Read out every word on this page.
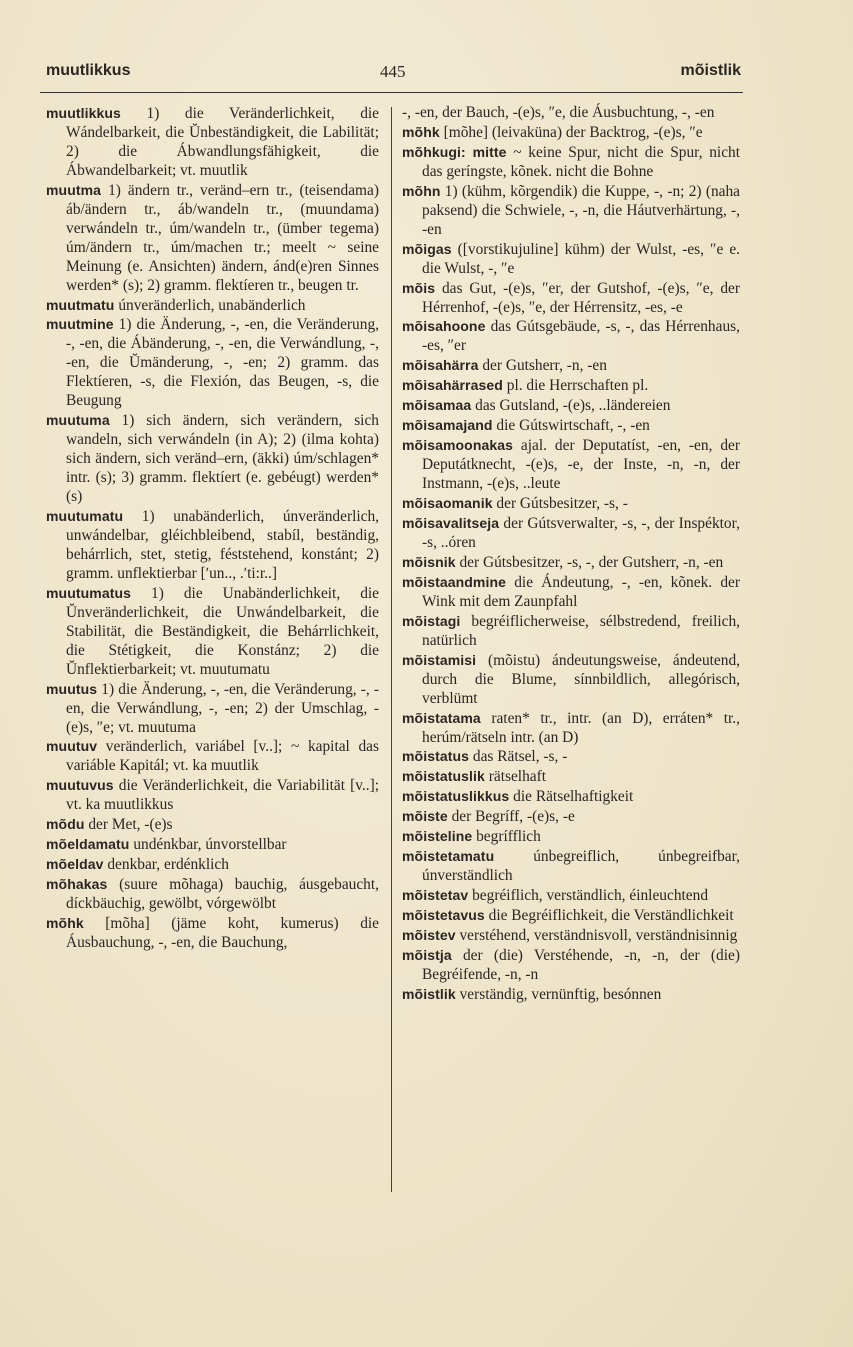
muutlikkus	445	mõistlik

muutlikkus 1) die Veränderlichkeit, die Wándelbarkeit, die Ŭnbeständigkeit, die Labilität; 2) die Ábwandlungsfähigkeit, die Ábwandelbarkeit; vt. muutlik

muutma 1) ändern tr., veränd–ern tr., (teisendama) áb/ändern tr., áb/wandeln tr., (muundama) verwándeln tr., úm/wandeln tr., (ümber tegema) úm/ändern tr., úm/machen tr.; meelt ~ seine Meinung (e. Ansichten) ändern, ánd(e)ren Sinnes werden* (s); 2) gramm. flektíeren tr., beugen tr.

muutmatu únveränderlich, unabänderlich

muutmine 1) die Änderung, -, -en, die Veränderung, -, -en, die Ábänderung, -, -en, die Verwándlung, -, -en, die Ŭmänderung, -, -en; 2) gramm. das Flektíeren, -s, die Flexión, das Beugen, -s, die Beugung

muutuma 1) sich ändern, sich verändern, sich wandeln, sich verwándeln (in A); 2) (ilma kohta) sich ändern, sich veränd–ern, (äkki) úm/schlagen* intr. (s); 3) gramm. flektíert (e. gebéugt) werden* (s)

muutumatu 1) unabänderlich, únveränderlich, unwándelbar, gléichbleibend, stabíl, beständig, behárrlich, stet, stetig, féststehend, konstánt; 2) gramm. unflektierbar [ʹun.., .ʹti:r..]

muutumatus 1) die Unabänderlichkeit, die Ŭnveränderlichkeit, die Unwándelbarkeit, die Stabilität, die Beständigkeit, die Behárrlichkeit, die Stétigkeit, die Konstánz; 2) die Ŭnflektierbarkeit; vt. muutumatu

muutus 1) die Änderung, -, -en, die Veränderung, -, -en, die Verwándlung, -, -en; 2) der Umschlag, -(e)s, ″e; vt. muutuma

muutuv veränderlich, variábel [v..]; ~ kapital das variáble Kapitál; vt. ka muutlik

muutuvus die Veränderlichkeit, die Variabilität [v..]; vt. ka muutlikkus

mõdu der Met, -(e)s

mõeldamatu undénkbar, únvorstellbar

mõeldav denkbar, erdénklich

mõhakas (suure mõhaga) bauchig, áusgebaucht, díckbäuchig, gewölbt, vórgewölbt

mõhk [mõha] (jäme koht, kumerus) die Áusbauchung, -, -en, die Bauchung,

-, -en, der Bauch, -(e)s, ″e, die Áusbuchtung, -, -en

mõhk [mõhe] (leivaküna) der Backtrog, -(e)s, ″e

mõhkugi: mitte ~ keine Spur, nicht die Spur, nicht das geríngste, kõnek. nicht die Bohne

mõhn 1) (kühm, kõrgendik) die Kuppe, -, -n; 2) (naha paksend) die Schwiele, -, -n, die Háutverhärtung, -, -en

mõigas ([vorstikujuline] kühm) der Wulst, -es, ″e e. die Wulst, -, ″e

mõis das Gut, -(e)s, ″er, der Gutshof, -(e)s, ″e, der Hérrenhof, -(e)s, ″e, der Hérrensitz, -es, -e

mõisahoone das Gútsgebäude, -s, -, das Hérrenhaus, -es, ″er

mõisahärra der Gutsherr, -n, -en

mõisahärrased pl. die Herrschaften pl.

mõisamaa das Gutsland, -(e)s, ..ländereien

mõisamajand die Gútswirtschaft, -, -en

mõisamoonakas ajal. der Deputatíst, -en, -en, der Deputátknecht, -(e)s, -e, der Inste, -n, -n, der Instmann, -(e)s, ..leute

mõisaomanik der Gútsbesitzer, -s, -

mõisavalitseja der Gútsverwalter, -s, -, der Inspéktor, -s, ..óren

mõisnik der Gútsbesitzer, -s, -, der Gutsherr, -n, -en

mõistaandmine die Ándeutung, -, -en, kõnek. der Wink mit dem Zaunpfahl

mõistagi begréiflicherweise, sélbstredend, freilich, natürlich

mõistamisi (mõistu) ándeutungsweise, ándeutend, durch die Blume, sínnbildlich, allegórisch, verblümt

mõistatama raten* tr., intr. (an D), erráten* tr., herúm/rätseln intr. (an D)

mõistatus das Rätsel, -s, -

mõistatuslik rätselhaft

mõistatuslikkus die Rätselhaftigkeit

mõiste der Begríff, -(e)s, -e

mõisteline begrífflich

mõistetamatu únbegreiflich, únbegreifbar, únverständlich

mõistetav begréiflich, verständlich, éinleuchtend

mõistetavus die Begréiflichkeit, die Verständlichkeit

mõistev verstéhend, verständnisvoll, verständnisinnig

mõistja der (die) Verstéhende, -n, -n, der (die) Begréifende, -n, -n

mõistlik verständig, vernünftig, besónnen
